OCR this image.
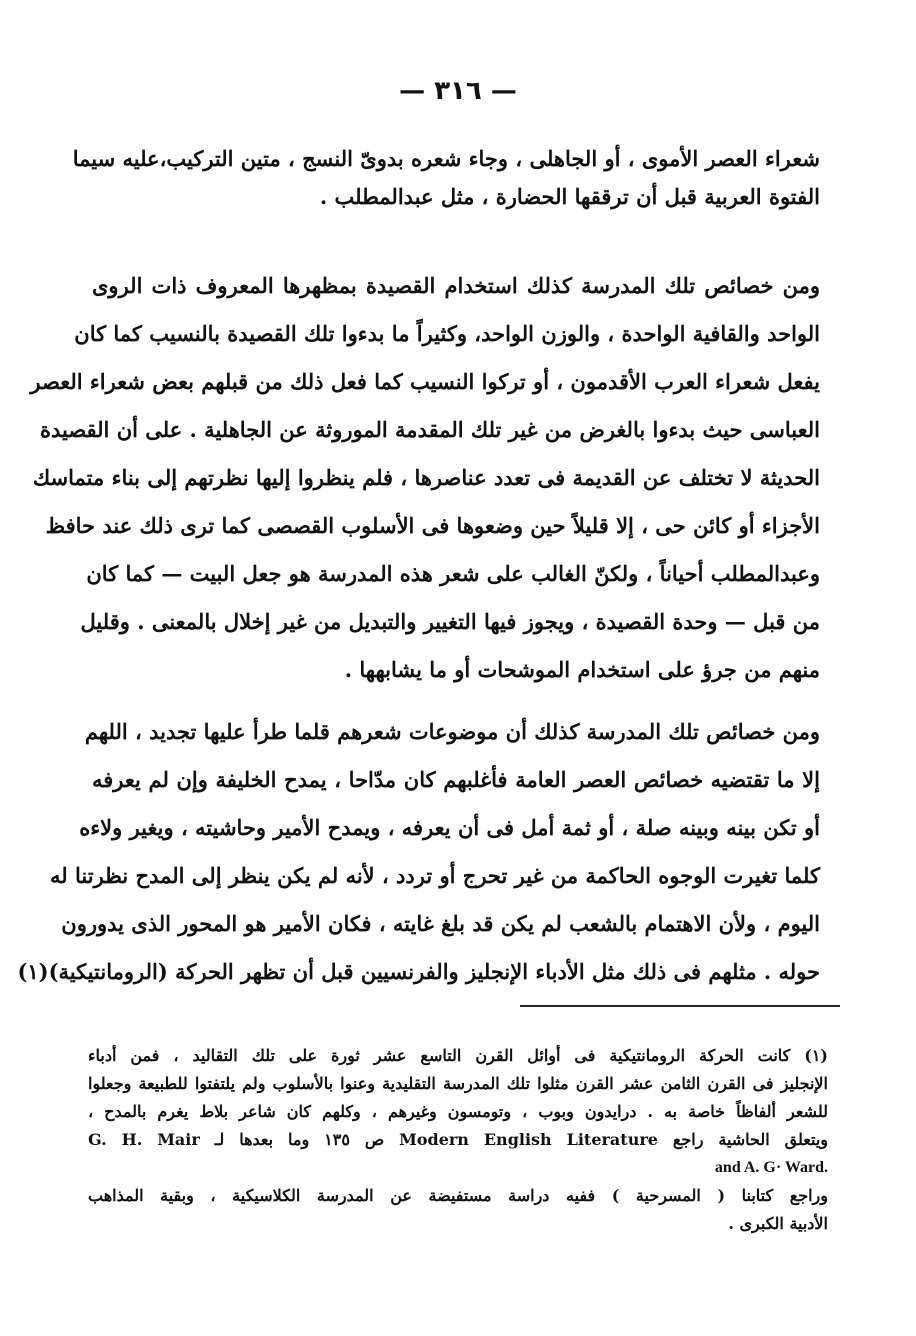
— ٣١٦ —
شعراء العصر الأموى ، أو الجاهلى ، وجاء شعره بدوىّ النسج ، متين التركيب،عليه سيما
الفتوة العربية قبل أن ترققها الحضارة ، مثل عبدالمطلب .
ومن خصائص تلك المدرسة كذلك استخدام القصيدة بمظهرها المعروف ذات الروى
الواحد والقافية الواحدة ، والوزن الواحد، وكثيراً ما بدءوا تلك القصيدة بالنسيب كما كان
يفعل شعراء العرب الأقدمون ، أو تركوا النسيب كما فعل ذلك من قبلهم بعض شعراء العصر
العباسى حيث بدءوا بالغرض من غير تلك المقدمة الموروثة عن الجاهلية . على أن القصيدة
الحديثة لا تختلف عن القديمة فى تعدد عناصرها ، فلم ينظروا إليها نظرتهم إلى بناء متماسك
الأجزاء أو كائن حى ، إلا قليلاً حين وضعوها فى الأسلوب القصصى كما ترى ذلك عند حافظ
وعبدالمطلب أحياناً ، ولكنّ الغالب على شعر هذه المدرسة هو جعل البيت — كما كان
من قبل — وحدة القصيدة ، ويجوز فيها التغيير والتبديل من غير إخلال بالمعنى . وقليل
منهم من جرؤ على استخدام الموشحات أو ما يشابهها .
ومن خصائص تلك المدرسة كذلك أن موضوعات شعرهم قلما طرأ عليها تجديد ، اللهم
إلا ما تقتضيه خصائص العصر العامة فأغلبهم كان مدّاحا ، يمدح الخليفة وإن لم يعرفه
أو تكن بينه وبينه صلة ، أو ثمة أمل فى أن يعرفه ، ويمدح الأمير وحاشيته ، ويغير ولاءه
كلما تغيرت الوجوه الحاكمة من غير تحرج أو تردد ، لأنه لم يكن ينظر إلى المدح نظرتنا له
اليوم ، ولأن الاهتمام بالشعب لم يكن قد بلغ غايته ، فكان الأمير هو المحور الذى يدورون
حوله . مثلهم فى ذلك مثل الأدباء الإنجليز والفرنسيين قبل أن تظهر الحركة (الرومانتيكية)(١)
(١) كانت الحركة الرومانتيكية فى أوائل القرن التاسع عشر ثورة على تلك التقاليد ، فمن أدباء
الإنجليز فى القرن الثامن عشر القرن مثلوا تلك المدرسة التقليدية وعنوا بالأسلوب ولم يلتفتوا للطبيعة وجعلوا
للشعر ألفاظاً خاصة به . درايدون وبوب ، وتومسون وغيرهم ، وكلهم كان شاعر بلاط يغرم بالمدح ،
ويتعلق الحاشية راجع Modern English Literature ص ١٣٥ وما بعدها لـ G. H. Mair
and A. G· Ward.
وراجع كتابنا ( المسرحية ) ففيه دراسة مستفيضة عن المدرسة الكلاسيكية ، وبقية المذاهب
الأدبية الكبرى .
